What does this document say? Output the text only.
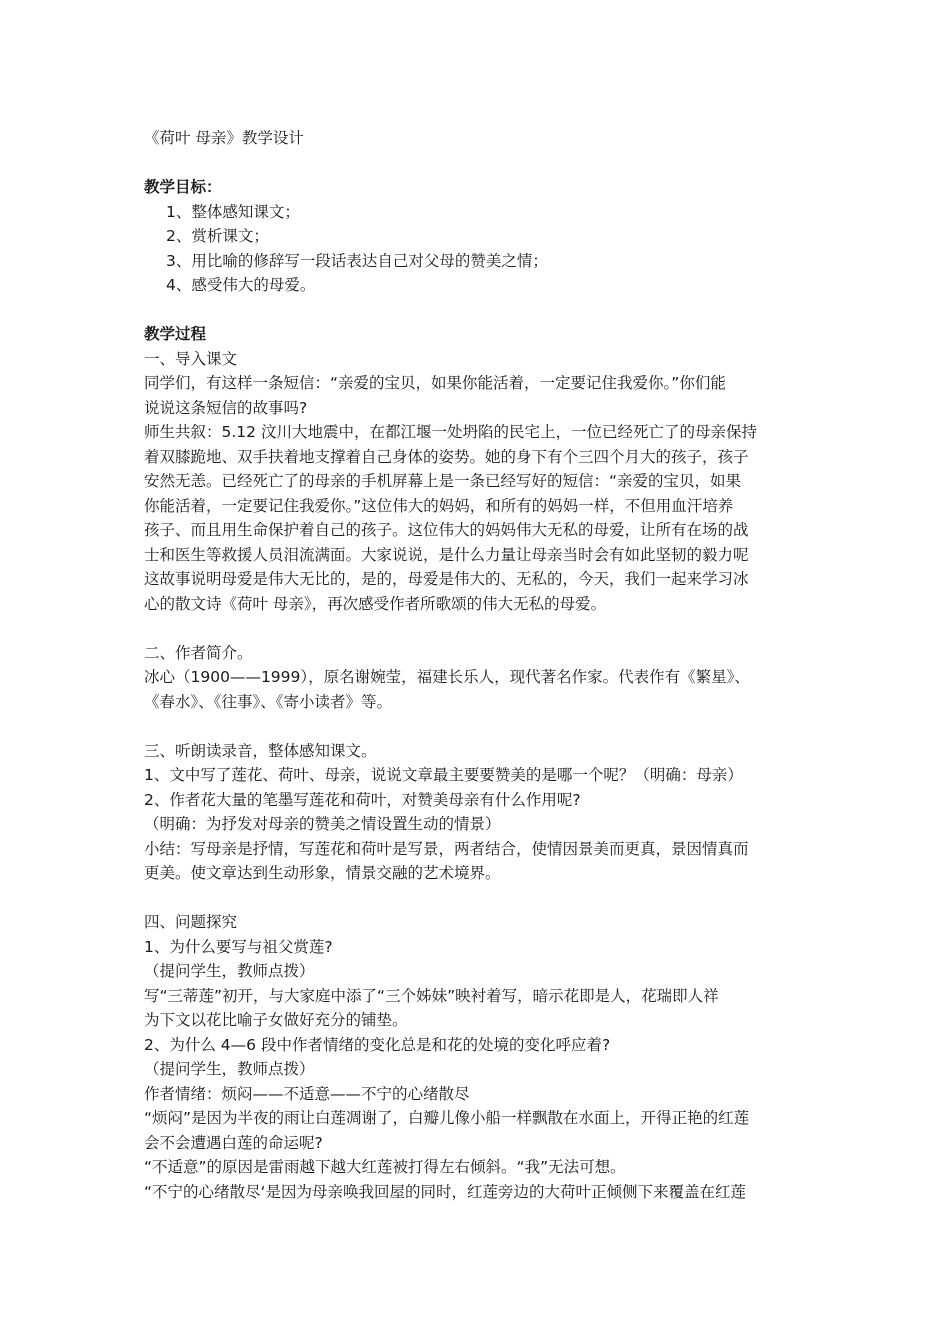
《荷叶 母亲》教学设计
教学目标：
1、整体感知课文；
2、赏析课文；
3、用比喻的修辞写一段话表达自己对父母的赞美之情；
4、感受伟大的母爱。
教学过程
一、导入课文
同学们，有这样一条短信：“亲爱的宝贝，如果你能活着，一定要记住我爱你。”你们能
说说这条短信的故事吗?
师生共叙：5.12 汶川大地震中，在都江堰一处坍陷的民宅上，一位已经死亡了的母亲保持
着双膝跪地、双手扶着地支撑着自己身体的姿势。她的身下有个三四个月大的孩子，孩子
安然无恙。已经死亡了的母亲的手机屏幕上是一条已经写好的短信：“亲爱的宝贝，如果
你能活着，一定要记住我爱你。”这位伟大的妈妈，和所有的妈妈一样，不但用血汗培养
孩子、而且用生命保护着自己的孩子。这位伟大的妈妈伟大无私的母爱，让所有在场的战
士和医生等救援人员泪流满面。大家说说，是什么力量让母亲当时会有如此坚韧的毅力呢
这故事说明母爱是伟大无比的，是的，母爱是伟大的、无私的，今天，我们一起来学习冰
心的散文诗《荷叶 母亲》，再次感受作者所歌颂的伟大无私的母爱。
二、作者简介。
冰心（1900——1999），原名谢婉莹，福建长乐人，现代著名作家。代表作有《繁星》、
《春水》、《往事》、《寄小读者》等。
三、听朗读录音，整体感知课文。
1、文中写了莲花、荷叶、母亲，说说文章最主要要赞美的是哪一个呢？（明确：母亲）
2、作者花大量的笔墨写莲花和荷叶，对赞美母亲有什么作用呢?
（明确：为抒发对母亲的赞美之情设置生动的情景）
小结：写母亲是抒情，写莲花和荷叶是写景，两者结合，使情因景美而更真，景因情真而
更美。使文章达到生动形象，情景交融的艺术境界。
四、问题探究
1、为什么要写与祖父赏莲?
（提问学生，教师点拨）
写“三蒂莲”初开，与大家庭中添了“三个姊妹”映衬着写，暗示花即是人，花瑞即人祥
为下文以花比喻子女做好充分的铺垫。
2、为什么 4—6 段中作者情绪的变化总是和花的处境的变化呼应着?
（提问学生，教师点拨）
作者情绪：烦闷——不适意——不宁的心绪散尽
“烦闷”是因为半夜的雨让白莲凋谢了，白瓣儿像小船一样飘散在水面上，开得正艳的红莲
会不会遭遇白莲的命运呢?
“不适意”的原因是雷雨越下越大红莲被打得左右倾斜。“我”无法可想。
“不宁的心绪散尽‘是因为母亲唤我回屋的同时，红莲旁边的大荷叶正倾侧下来覆盖在红莲
